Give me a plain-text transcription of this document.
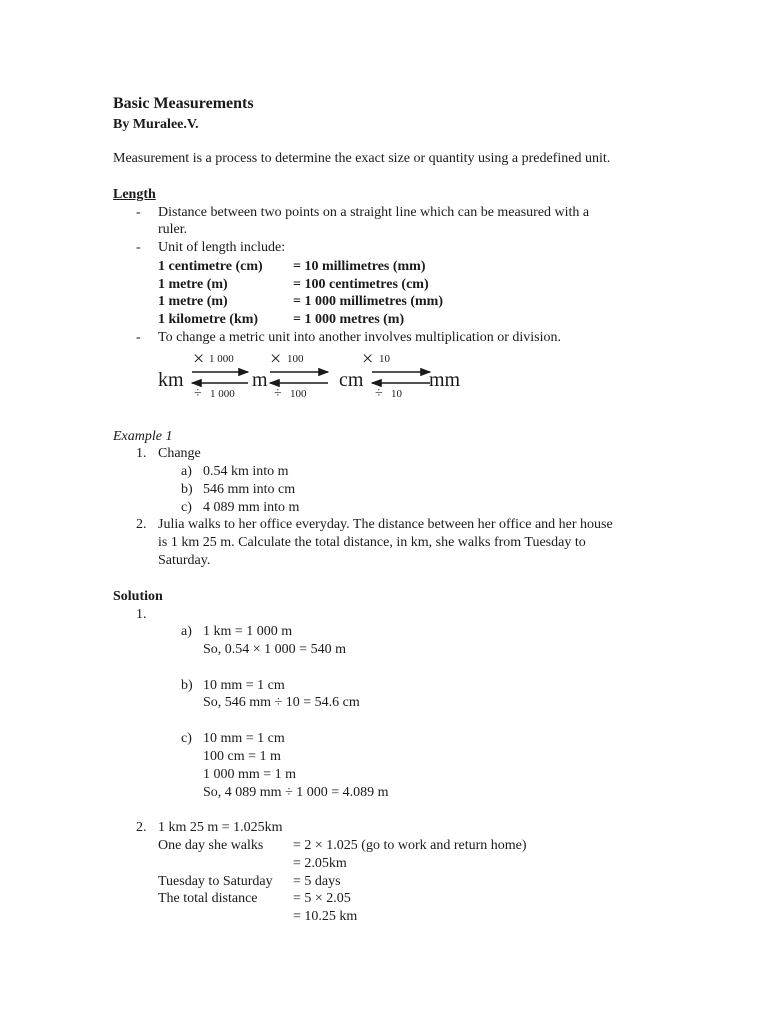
Basic Measurements
By Muralee.V.
Measurement is a process to determine the exact size or quantity using a predefined unit.
Length
- Distance between two points on a straight line which can be measured with a
ruler.
- Unit of length include:
1 centimetre (cm) = 10 millimetres (mm)
1 metre (m)	= 100 centimetres (cm)
1 metre (m)	= 1 000 millimetres (mm)
1 kilometre (km) = 1 000 metres (m)
- To change a metric unit into another involves multiplication or division.
× 1 000 × 100	× 10
km	m	cm	mm
÷ 1 000	÷ 100	÷ 10
Example 1
1. Change
a) 0.54 km into m
b) 546 mm into cm
c) 4 089 mm into m
2. Julia walks to her office everyday. The distance between her office and her house
is 1 km 25 m. Calculate the total distance, in km, she walks from Tuesday to
Saturday.
Solution
1.
a) 1 km = 1 000 m
So, 0.54 × 1 000 = 540 m
b) 10 mm = 1 cm
So, 546 mm ÷ 10 = 54.6 cm
c) 10 mm = 1 cm
100 cm = 1 m
1 000 mm = 1 m
So, 4 089 mm ÷ 1 000 = 4.089 m
2. 1 km 25 m = 1.025km
One day she walks = 2 × 1.025 (go to work and return home)
= 2.05km
Tuesday to Saturday = 5 days
The total distance	= 5 × 2.05
= 10.25 km
